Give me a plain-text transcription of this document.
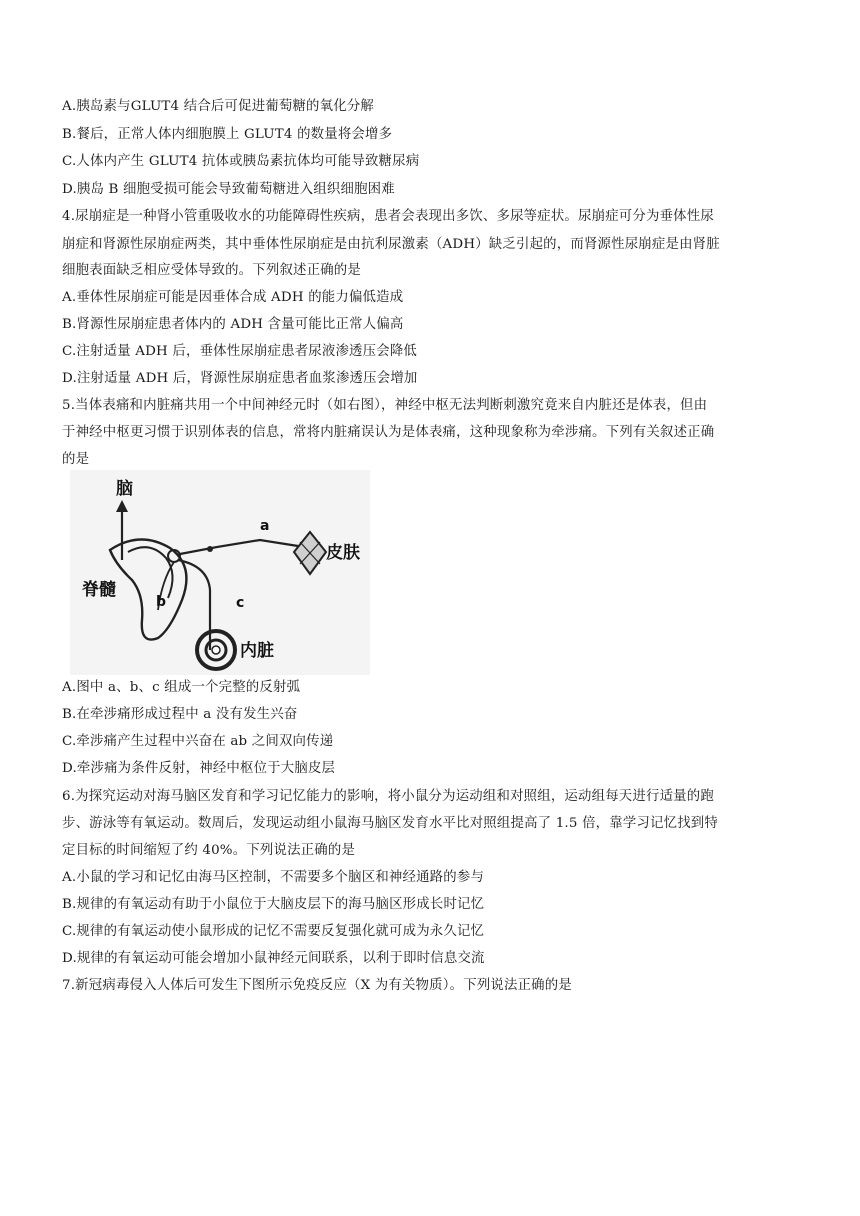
A.胰岛素与GLUT4 结合后可促进葡萄糖的氧化分解
B.餐后，正常人体内细胞膜上 GLUT4 的数量将会增多
C.人体内产生 GLUT4 抗体或胰岛素抗体均可能导致糖尿病
D.胰岛 B 细胞受损可能会导致葡萄糖进入组织细胞困难
4.尿崩症是一种肾小管重吸收水的功能障碍性疾病，患者会表现出多饮、多尿等症状。尿崩症可分为垂体性尿
崩症和肾源性尿崩症两类，其中垂体性尿崩症是由抗利尿激素（ADH）缺乏引起的，而肾源性尿崩症是由肾脏
细胞表面缺乏相应受体导致的。下列叙述正确的是
A.垂体性尿崩症可能是因垂体合成 ADH 的能力偏低造成
B.肾源性尿崩症患者体内的 ADH 含量可能比正常人偏高
C.注射适量 ADH 后，垂体性尿崩症患者尿液渗透压会降低
D.注射适量 ADH 后，肾源性尿崩症患者血浆渗透压会增加
5.当体表痛和内脏痛共用一个中间神经元时（如右图），神经中枢无法判断刺激究竟来自内脏还是体表，但由
于神经中枢更习惯于识别体表的信息，常将内脏痛误认为是体表痛，这种现象称为牵涉痛。下列有关叙述正确
的是
脑
脊髓
a
皮肤
b	c
内脏
A.图中 a、b、c 组成一个完整的反射弧
B.在牵涉痛形成过程中 a 没有发生兴奋
C.牵涉痛产生过程中兴奋在 ab 之间双向传递
D.牵涉痛为条件反射，神经中枢位于大脑皮层
6.为探究运动对海马脑区发育和学习记忆能力的影响，将小鼠分为运动组和对照组，运动组每天进行适量的跑
步、游泳等有氧运动。数周后，发现运动组小鼠海马脑区发育水平比对照组提高了 1.5 倍，靠学习记忆找到特
定目标的时间缩短了约 40%。下列说法正确的是
A.小鼠的学习和记忆由海马区控制，不需要多个脑区和神经通路的参与
B.规律的有氧运动有助于小鼠位于大脑皮层下的海马脑区形成长时记忆
C.规律的有氧运动使小鼠形成的记忆不需要反复强化就可成为永久记忆
D.规律的有氧运动可能会增加小鼠神经元间联系，以利于即时信息交流
7.新冠病毒侵入人体后可发生下图所示免疫反应（X 为有关物质）。下列说法正确的是
